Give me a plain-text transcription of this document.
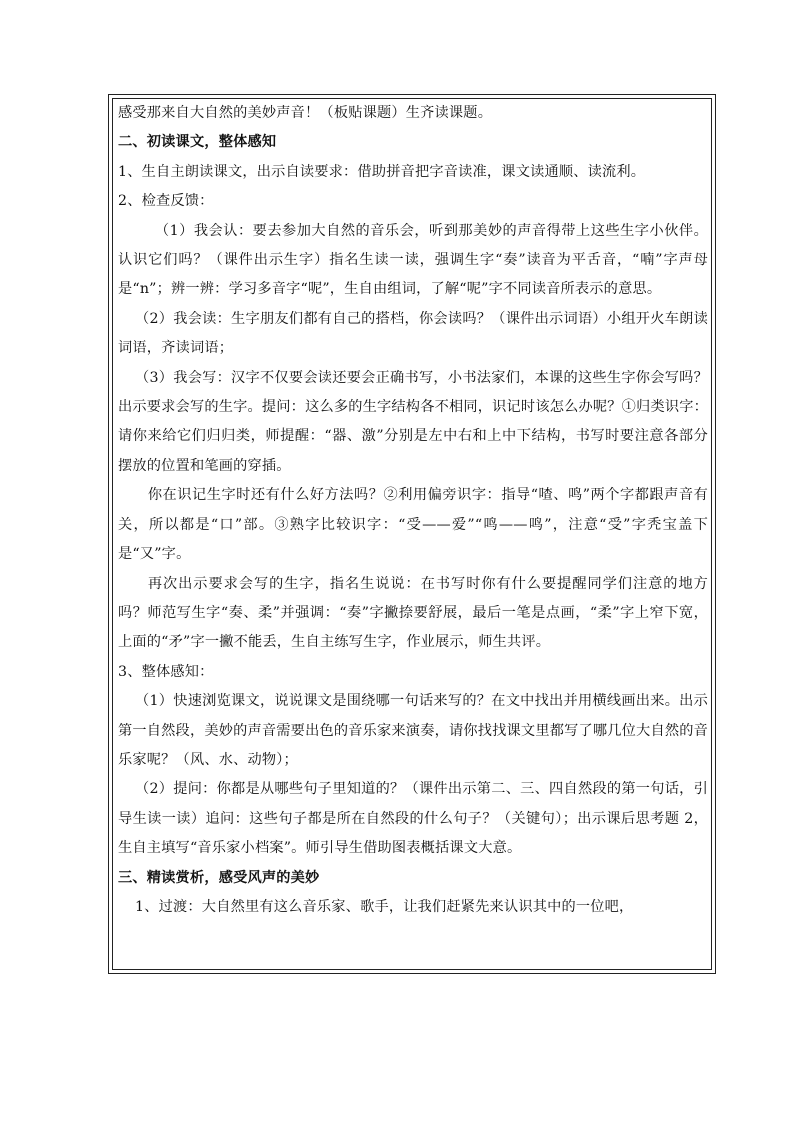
感受那来自大自然的美妙声音！（板贴课题）生齐读课题。

二、初读课文，整体感知

1、生自主朗读课文，出示自读要求：借助拼音把字音读准，课文读通顺、读流利。

2、检查反馈：

（1）我会认：要去参加大自然的音乐会，听到那美妙的声音得带上这些生字小伙伴。认识它们吗？（课件出示生字）指名生读一读，强调生字“奏”读音为平舌音，“喃”字声母是“n”；辨一辨：学习多音字“呢”，生自由组词，了解“呢”字不同读音所表示的意思。

（2）我会读：生字朋友们都有自己的搭档，你会读吗？（课件出示词语）小组开火车朗读词语，齐读词语；

（3）我会写：汉字不仅要会读还要会正确书写，小书法家们，本课的这些生字你会写吗？出示要求会写的生字。提问：这么多的生字结构各不相同，识记时该怎么办呢？①归类识字：请你来给它们归归类，师提醒：“器、激”分别是左中右和上中下结构，书写时要注意各部分摆放的位置和笔画的穿插。

你在识记生字时还有什么好方法吗？②利用偏旁识字：指导“喳、鸣”两个字都跟声音有关，所以都是“口”部。③熟字比较识字：“受——爱”“鸣——鸣”，注意“受”字秃宝盖下是“又”字。

再次出示要求会写的生字，指名生说说：在书写时你有什么要提醒同学们注意的地方吗？师范写生字“奏、柔”并强调：“奏”字撇捺要舒展，最后一笔是点画，“柔”字上窄下宽，上面的“矛”字一撇不能丢，生自主练写生字，作业展示，师生共评。

3、整体感知：

（1）快速浏览课文，说说课文是围绕哪一句话来写的？在文中找出并用横线画出来。出示第一自然段，美妙的声音需要出色的音乐家来演奏，请你找找课文里都写了哪几位大自然的音乐家呢？（风、水、动物）；

（2）提问：你都是从哪些句子里知道的？（课件出示第二、三、四自然段的第一句话，引导生读一读）追问：这些句子都是所在自然段的什么句子？（关键句）；出示课后思考题 2，生自主填写“音乐家小档案”。师引导生借助图表概括课文大意。

三、精读赏析，感受风声的美妙

1、过渡：大自然里有这么音乐家、歌手，让我们赶紧先来认识其中的一位吧，
